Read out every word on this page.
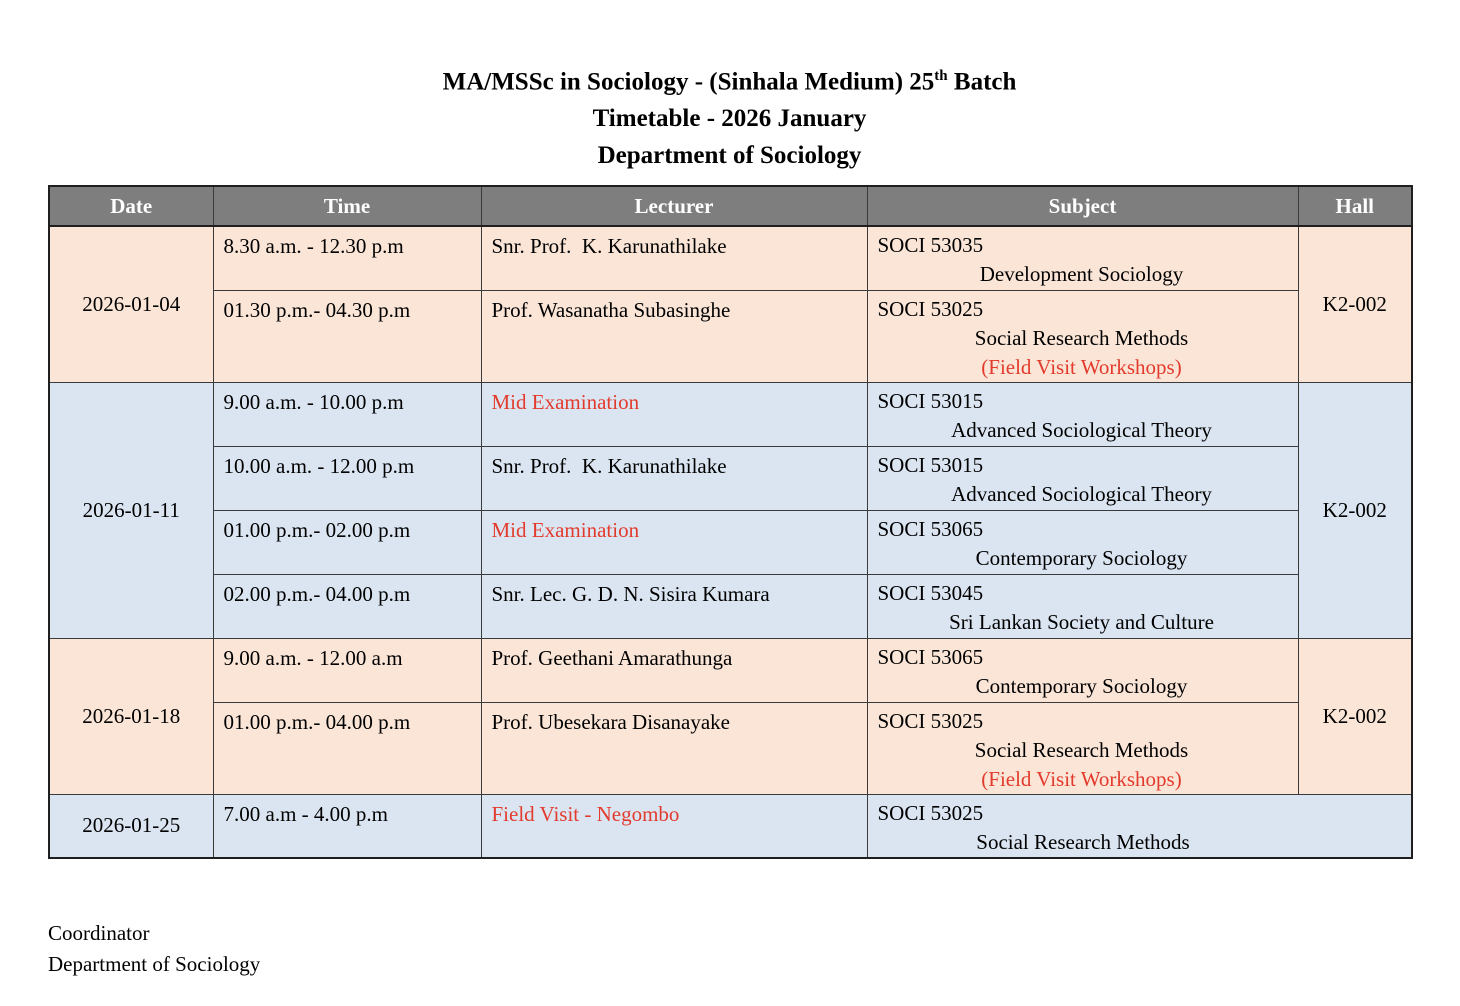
MA/MSSc in Sociology - (Sinhala Medium) 25th Batch
Timetable - 2026 January
Department of Sociology
Date	Time	Lecturer	Subject	Hall
2026-01-04	8.30 a.m. - 12.30 p.m	Snr. Prof.  K. Karunathilake	SOCI 53035
Development Sociology	K2-002
	01.30 p.m.- 04.30 p.m	Prof. Wasanatha Subasinghe	SOCI 53025
Social Research Methods
(Field Visit Workshops)	

2026-01-11	9.00 a.m. - 10.00 p.m	Mid Examination	SOCI 53015
Advanced Sociological Theory	K2-002
	10.00 a.m. - 12.00 p.m	Snr. Prof.  K. Karunathilake	SOCI 53015
Advanced Sociological Theory	

	01.00 p.m.- 02.00 p.m	Mid Examination	SOCI 53065
Contemporary Sociology	

	02.00 p.m.- 04.00 p.m	Snr. Lec. G. D. N. Sisira Kumara	SOCI 53045
Sri Lankan Society and Culture	

2026-01-18	9.00 a.m. - 12.00 a.m	Prof. Geethani Amarathunga	SOCI 53065
Contemporary Sociology	K2-002
	01.00 p.m.- 04.00 p.m	Prof. Ubesekara Disanayake	SOCI 53025
Social Research Methods
(Field Visit Workshops)	

2026-01-25	7.00 a.m - 4.00 p.m	Field Visit - Negombo	SOCI 53025
Social Research Methods	
Coordinator
Department of Sociology
